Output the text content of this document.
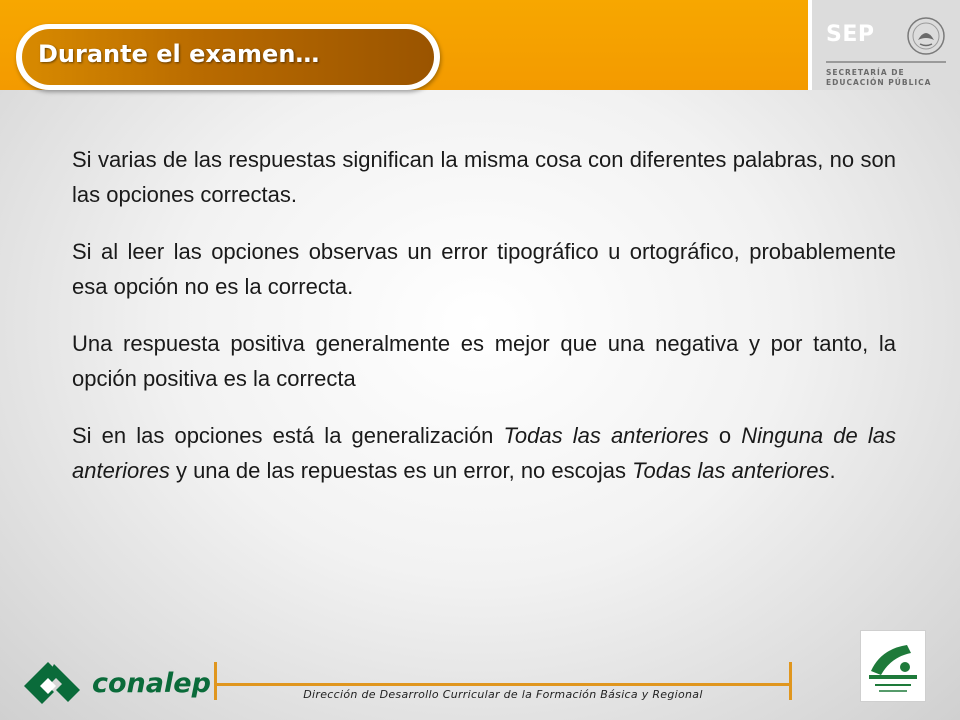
SEP
SECRETARÍA DE
EDUCACIÓN PÚBLICA
Durante el examen…

Si varias de las respuestas significan la misma cosa con diferentes palabras, no son las opciones correctas.

Si al leer las opciones observas un error tipográfico u ortográfico, probablemente esa opción no es la correcta.

Una respuesta positiva generalmente es mejor que una negativa y por tanto, la opción positiva es la correcta

Si en las opciones está la generalización Todas las anteriores o Ninguna de las anteriores y una de las repuestas es un error, no escojas Todas las anteriores.

conalep	Dirección de Desarrollo Curricular de la Formación Básica y Regional
